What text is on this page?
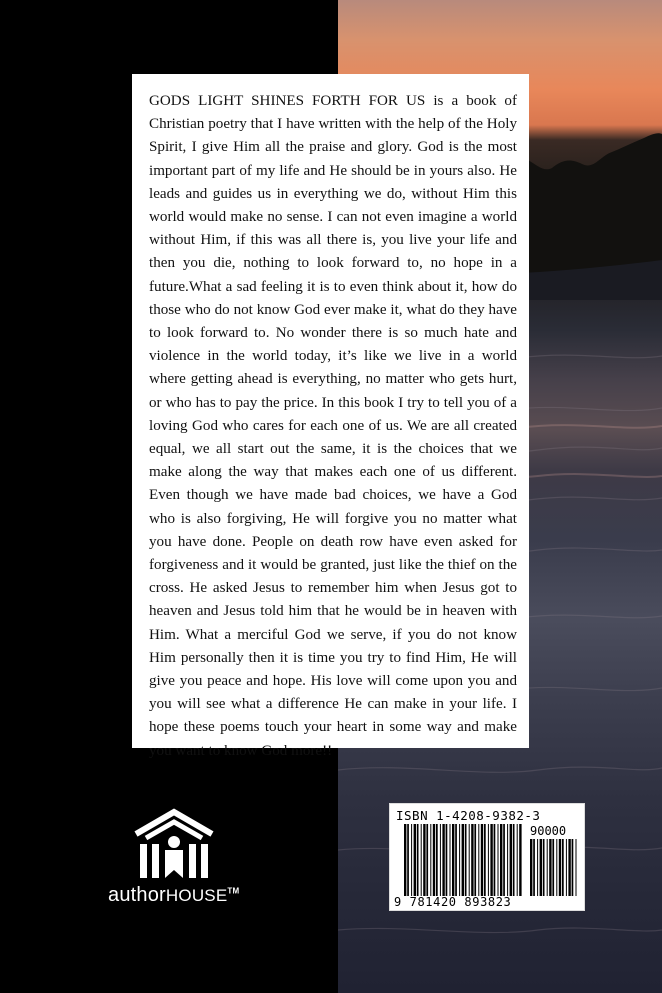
GODS LIGHT SHINES FORTH FOR US is a book of Christian poetry that I have written with the help of the Holy Spirit, I give Him all the praise and glory. God is the most important part of my life and He should be in yours also. He leads and guides us in everything we do, without Him this world would make no sense. I can not even imagine a world without Him, if this was all there is, you live your life and then you die, nothing to look forward to, no hope in a future.What a sad feeling it is to even think about it, how do those who do not know God ever make it, what do they have to look forward to. No wonder there is so much hate and violence in the world today, it’s like we live in a world where getting ahead is everything, no matter who gets hurt, or who has to pay the price. In this book I try to tell you of a loving God who cares for each one of us. We are all created equal, we all start out the same, it is the choices that we make along the way that makes each one of us different. Even though we have made bad choices, we have a God who is also forgiving, He will forgive you no matter what you have done. People on death row have even asked for forgiveness and it would be granted, just like the thief on the cross. He asked Jesus to remember him when Jesus got to heaven and Jesus told him that he would be in heaven with Him. What a merciful God we serve, if you do not know Him personally then it is time you try to find Him, He will give you peace and hope. His love will come upon you and you will see what a difference He can make in your life. I hope these poems touch your heart in some way and make you want to know God more!!

authorHOUSE™
ISBN 1-4208-9382-3
90000
9 781420 893823
